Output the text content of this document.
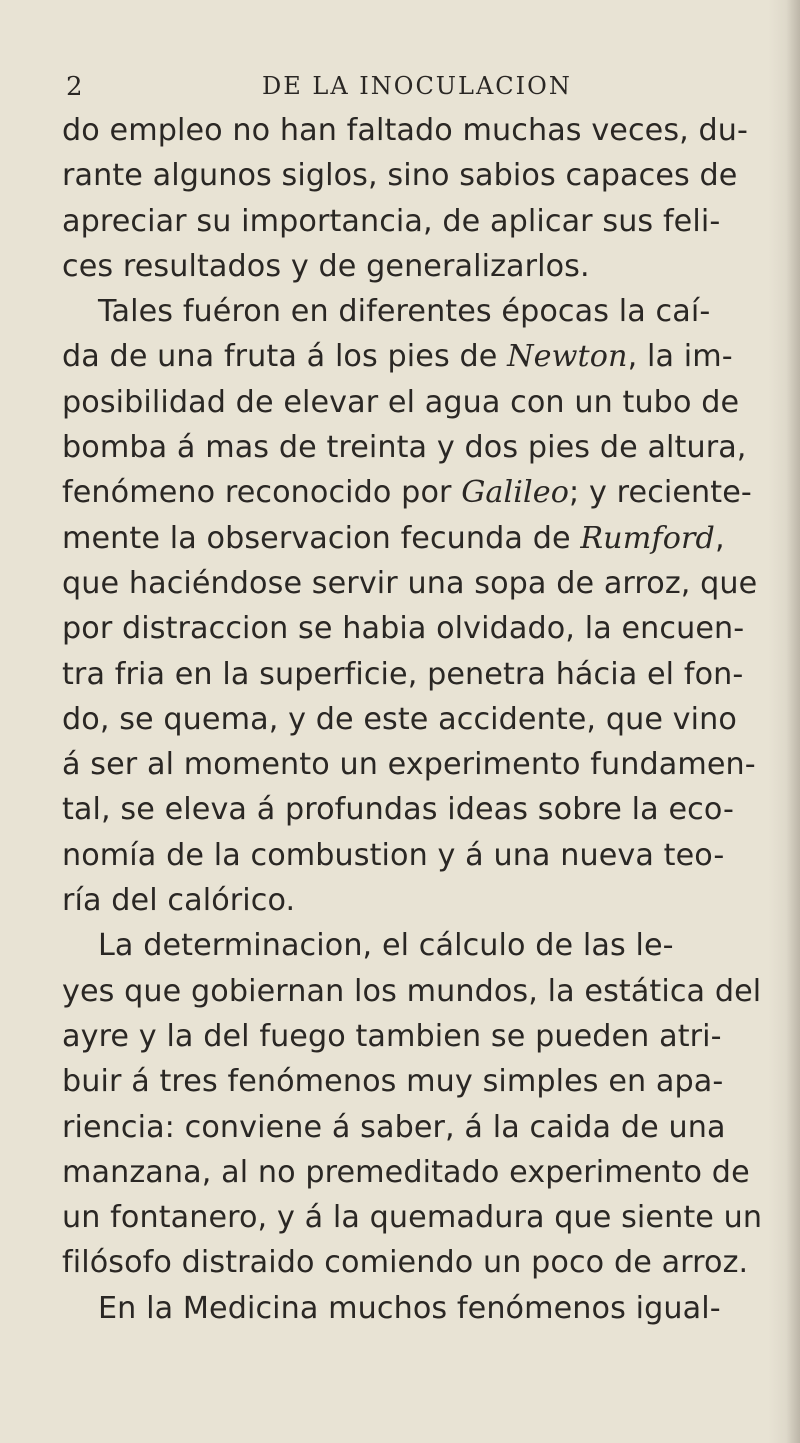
2	DE LA INOCULACION
do empleo no han faltado muchas veces, du-
rante algunos siglos, sino sabios capaces de
apreciar su importancia, de aplicar sus feli-
ces resultados y de generalizarlos.
Tales fuéron en diferentes épocas la caí-
da de una fruta á los pies de Newton, la im-
posibilidad de elevar el agua con un tubo de
bomba á mas de treinta y dos pies de altura,
fenómeno reconocido por Galileo; y reciente-
mente la observacion fecunda de Rumford,
que haciéndose servir una sopa de arroz, que
por distraccion se habia olvidado, la encuen-
tra fria en la superficie, penetra hácia el fon-
do, se quema, y de este accidente, que vino
á ser al momento un experimento fundamen-
tal, se eleva á profundas ideas sobre la eco-
nomía de la combustion y á una nueva teo-
ría del calórico.
La determinacion, el cálculo de las le-
yes que gobiernan los mundos, la estática del
ayre y la del fuego tambien se pueden atri-
buir á tres fenómenos muy simples en apa-
riencia: conviene á saber, á la caida de una
manzana, al no premeditado experimento de
un fontanero, y á la quemadura que siente un
filósofo distraido comiendo un poco de arroz.
En la Medicina muchos fenómenos igual-
